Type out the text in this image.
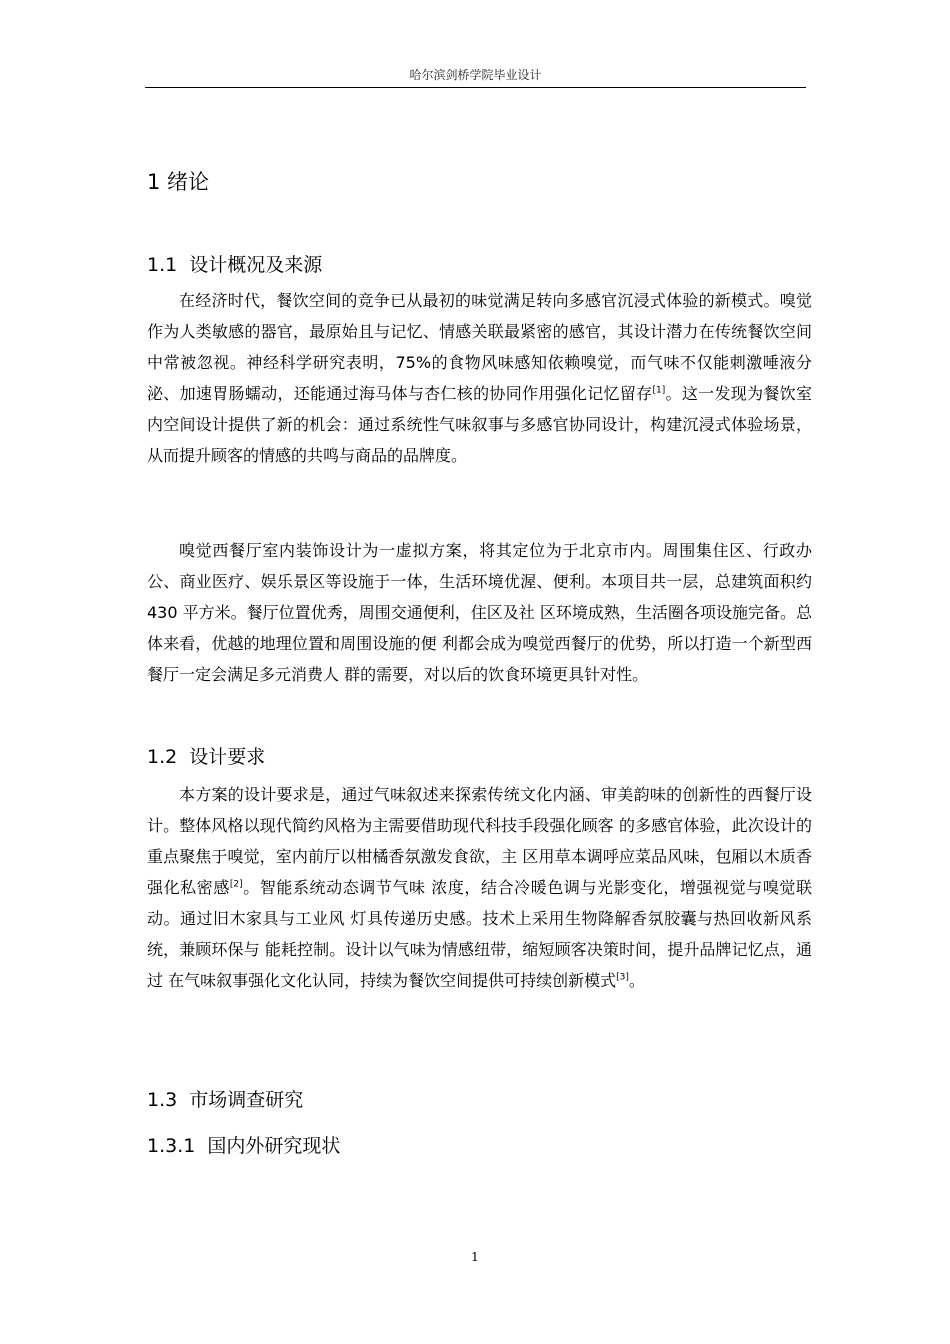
哈尔滨剑桥学院毕业设计
1 绪论
1.1 设计概况及来源
在经济时代，餐饮空间的竞争已从最初的味觉满足转向多感官沉浸式体验的新模式。嗅觉作为人类敏感的器官，最原始且与记忆、情感关联最紧密的感官，其设计潜力在传统餐饮空间中常被忽视。神经科学研究表明，75%的食物风味感知依赖嗅觉，而气味不仅能刺激唾液分泌、加速胃肠蠕动，还能通过海马体与杏仁核的协同作用强化记忆留存[1]。这一发现为餐饮室内空间设计提供了新的机会：通过系统性气味叙事与多感官协同设计，构建沉浸式体验场景，从而提升顾客的情感的共鸣与商品的品牌度。
嗅觉西餐厅室内装饰设计为一虚拟方案，将其定位为于北京市内。周围集住区、行政办公、商业医疗、娱乐景区等设施于一体，生活环境优渥、便利。本项目共一层，总建筑面积约 430 平方米。餐厅位置优秀，周围交通便利，住区及社 区环境成熟，生活圈各项设施完备。总体来看，优越的地理位置和周围设施的便 利都会成为嗅觉西餐厅的优势，所以打造一个新型西餐厅一定会满足多元消费人 群的需要，对以后的饮食环境更具针对性。
1.2 设计要求
本方案的设计要求是，通过气味叙述来探索传统文化内涵、审美韵味的创新性的西餐厅设计。整体风格以现代简约风格为主需要借助现代科技手段强化顾客 的多感官体验，此次设计的重点聚焦于嗅觉，室内前厅以柑橘香氛激发食欲，主 区用草本调呼应菜品风味，包厢以木质香强化私密感[2]。智能系统动态调节气味 浓度，结合冷暖色调与光影变化，增强视觉与嗅觉联动。通过旧木家具与工业风 灯具传递历史感。技术上采用生物降解香氛胶囊与热回收新风系统，兼顾环保与 能耗控制。设计以气味为情感纽带，缩短顾客决策时间，提升品牌记忆点，通过 在气味叙事强化文化认同，持续为餐饮空间提供可持续创新模式[3]。
1.3 市场调查研究
1.3.1 国内外研究现状
1
